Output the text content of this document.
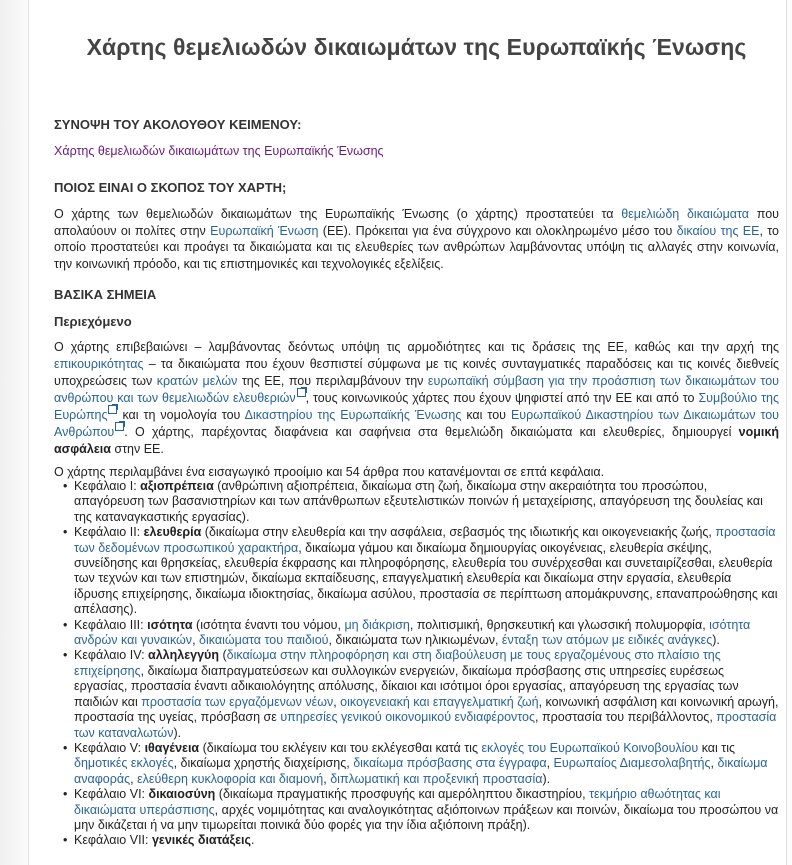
Χάρτης θεμελιωδών δικαιωμάτων της Ευρωπαϊκής Ένωσης
ΣΥΝΟΨΗ ΤΟΥ ΑΚΟΛΟΥΘΟΥ ΚΕΙΜΕΝΟΥ:

Χάρτης θεμελιωδών δικαιωμάτων της Ευρωπαϊκής Ένωσης

ΠΟΙΟΣ ΕΙΝΑΙ Ο ΣΚΟΠΟΣ ΤΟΥ ΧΑΡΤΗ;

Ο χάρτης των θεμελιωδών δικαιωμάτων της Ευρωπαϊκής Ένωσης (ο χάρτης) προστατεύει τα θεμελιώδη δικαιώματα που απολαύουν οι πολίτες στην Ευρωπαϊκή Ένωση (ΕΕ). Πρόκειται για ένα σύγχρονο και ολοκληρωμένο μέσο του δικαίου της ΕΕ, το οποίο προστατεύει και προάγει τα δικαιώματα και τις ελευθερίες των ανθρώπων λαμβάνοντας υπόψη τις αλλαγές στην κοινωνία, την κοινωνική πρόοδο, και τις επιστημονικές και τεχνολογικές εξελίξεις.

ΒΑΣΙΚΑ ΣΗΜΕΙΑ
Περιεχόμενο

Ο χάρτης επιβεβαιώνει – λαμβάνοντας δεόντως υπόψη τις αρμοδιότητες και τις δράσεις της ΕΕ, καθώς και την αρχή της επικουρικότητας – τα δικαιώματα που έχουν θεσπιστεί σύμφωνα με τις κοινές συνταγματικές παραδόσεις και τις κοινές διεθνείς υποχρεώσεις των κρατών μελών της ΕΕ, που περιλαμβάνουν την ευρωπαϊκή σύμβαση για την προάσπιση των δικαιωμάτων του ανθρώπου και των θεμελιωδών ελευθεριών , τους κοινωνικούς χάρτες που έχουν ψηφιστεί από την ΕΕ και από το Συμβούλιο της Ευρώπης και τη νομολογία του Δικαστηρίου της Ευρωπαϊκής Ένωσης και του Ευρωπαϊκού Δικαστηρίου των Δικαιωμάτων του Ανθρώπου . Ο χάρτης, παρέχοντας διαφάνεια και σαφήνεια στα θεμελιώδη δικαιώματα και ελευθερίες, δημιουργεί νομική ασφάλεια στην ΕΕ.

Ο χάρτης περιλαμβάνει ένα εισαγωγικό προοίμιο και 54 άρθρα που κατανέμονται σε επτά κεφάλαια.

• Κεφάλαιο I: αξιοπρέπεια (ανθρώπινη αξιοπρέπεια, δικαίωμα στη ζωή, δικαίωμα στην ακεραιότητα του προσώπου, απαγόρευση των βασανιστηρίων και των απάνθρωπων εξευτελιστικών ποινών ή μεταχείρισης, απαγόρευση της δουλείας και της καταναγκαστικής εργασίας).
• Κεφάλαιο II: ελευθερία (δικαίωμα στην ελευθερία και την ασφάλεια, σεβασμός της ιδιωτικής και οικογενειακής ζωής, προστασία των δεδομένων προσωπικού χαρακτήρα, δικαίωμα γάμου και δικαίωμα δημιουργίας οικογένειας, ελευθερία σκέψης, συνείδησης και θρησκείας, ελευθερία έκφρασης και πληροφόρησης, ελευθερία του συνέρχεσθαι και συνεταιρίζεσθαι, ελευθερία των τεχνών και των επιστημών, δικαίωμα εκπαίδευσης, επαγγελματική ελευθερία και δικαίωμα στην εργασία, ελευθερία ίδρυσης επιχείρησης, δικαίωμα ιδιοκτησίας, δικαίωμα ασύλου, προστασία σε περίπτωση απομάκρυνσης, επαναπροώθησης και απέλασης).
• Κεφάλαιο III: ισότητα (ισότητα έναντι του νόμου, μη διάκριση, πολιτισμική, θρησκευτική και γλωσσική πολυμορφία, ισότητα ανδρών και γυναικών, δικαιώματα του παιδιού, δικαιώματα των ηλικιωμένων, ένταξη των ατόμων με ειδικές ανάγκες).
• Κεφάλαιο IV: αλληλεγγύη (δικαίωμα στην πληροφόρηση και στη διαβούλευση με τους εργαζομένους στο πλαίσιο της επιχείρησης, δικαίωμα διαπραγματεύσεων και συλλογικών ενεργειών, δικαίωμα πρόσβασης στις υπηρεσίες ευρέσεως εργασίας, προστασία έναντι αδικαιολόγητης απόλυσης, δίκαιοι και ισότιμοι όροι εργασίας, απαγόρευση της εργασίας των παιδιών και προστασία των εργαζόμενων νέων, οικογενειακή και επαγγελματική ζωή, κοινωνική ασφάλιση και κοινωνική αρωγή, προστασία της υγείας, πρόσβαση σε υπηρεσίες γενικού οικονομικού ενδιαφέροντος, προστασία του περιβάλλοντος, προστασία των καταναλωτών).
• Κεφάλαιο V: ιθαγένεια (δικαίωμα του εκλέγειν και του εκλέγεσθαι κατά τις εκλογές του Ευρωπαϊκού Κοινοβουλίου και τις δημοτικές εκλογές, δικαίωμα χρηστής διαχείρισης, δικαίωμα πρόσβασης στα έγγραφα, Ευρωπαίος Διαμεσολαβητής, δικαίωμα αναφοράς, ελεύθερη κυκλοφορία και διαμονή, διπλωματική και προξενική προστασία).
• Κεφάλαιο VI: δικαιοσύνη (δικαίωμα πραγματικής προσφυγής και αμερόληπτου δικαστηρίου, τεκμήριο αθωότητας και δικαιώματα υπεράσπισης, αρχές νομιμότητας και αναλογικότητας αξιόποινων πράξεων και ποινών, δικαίωμα του προσώπου να μην δικάζεται ή να μην τιμωρείται ποινικά δύο φορές για την ίδια αξιόποινη πράξη).
• Κεφάλαιο VII: γενικές διατάξεις.
